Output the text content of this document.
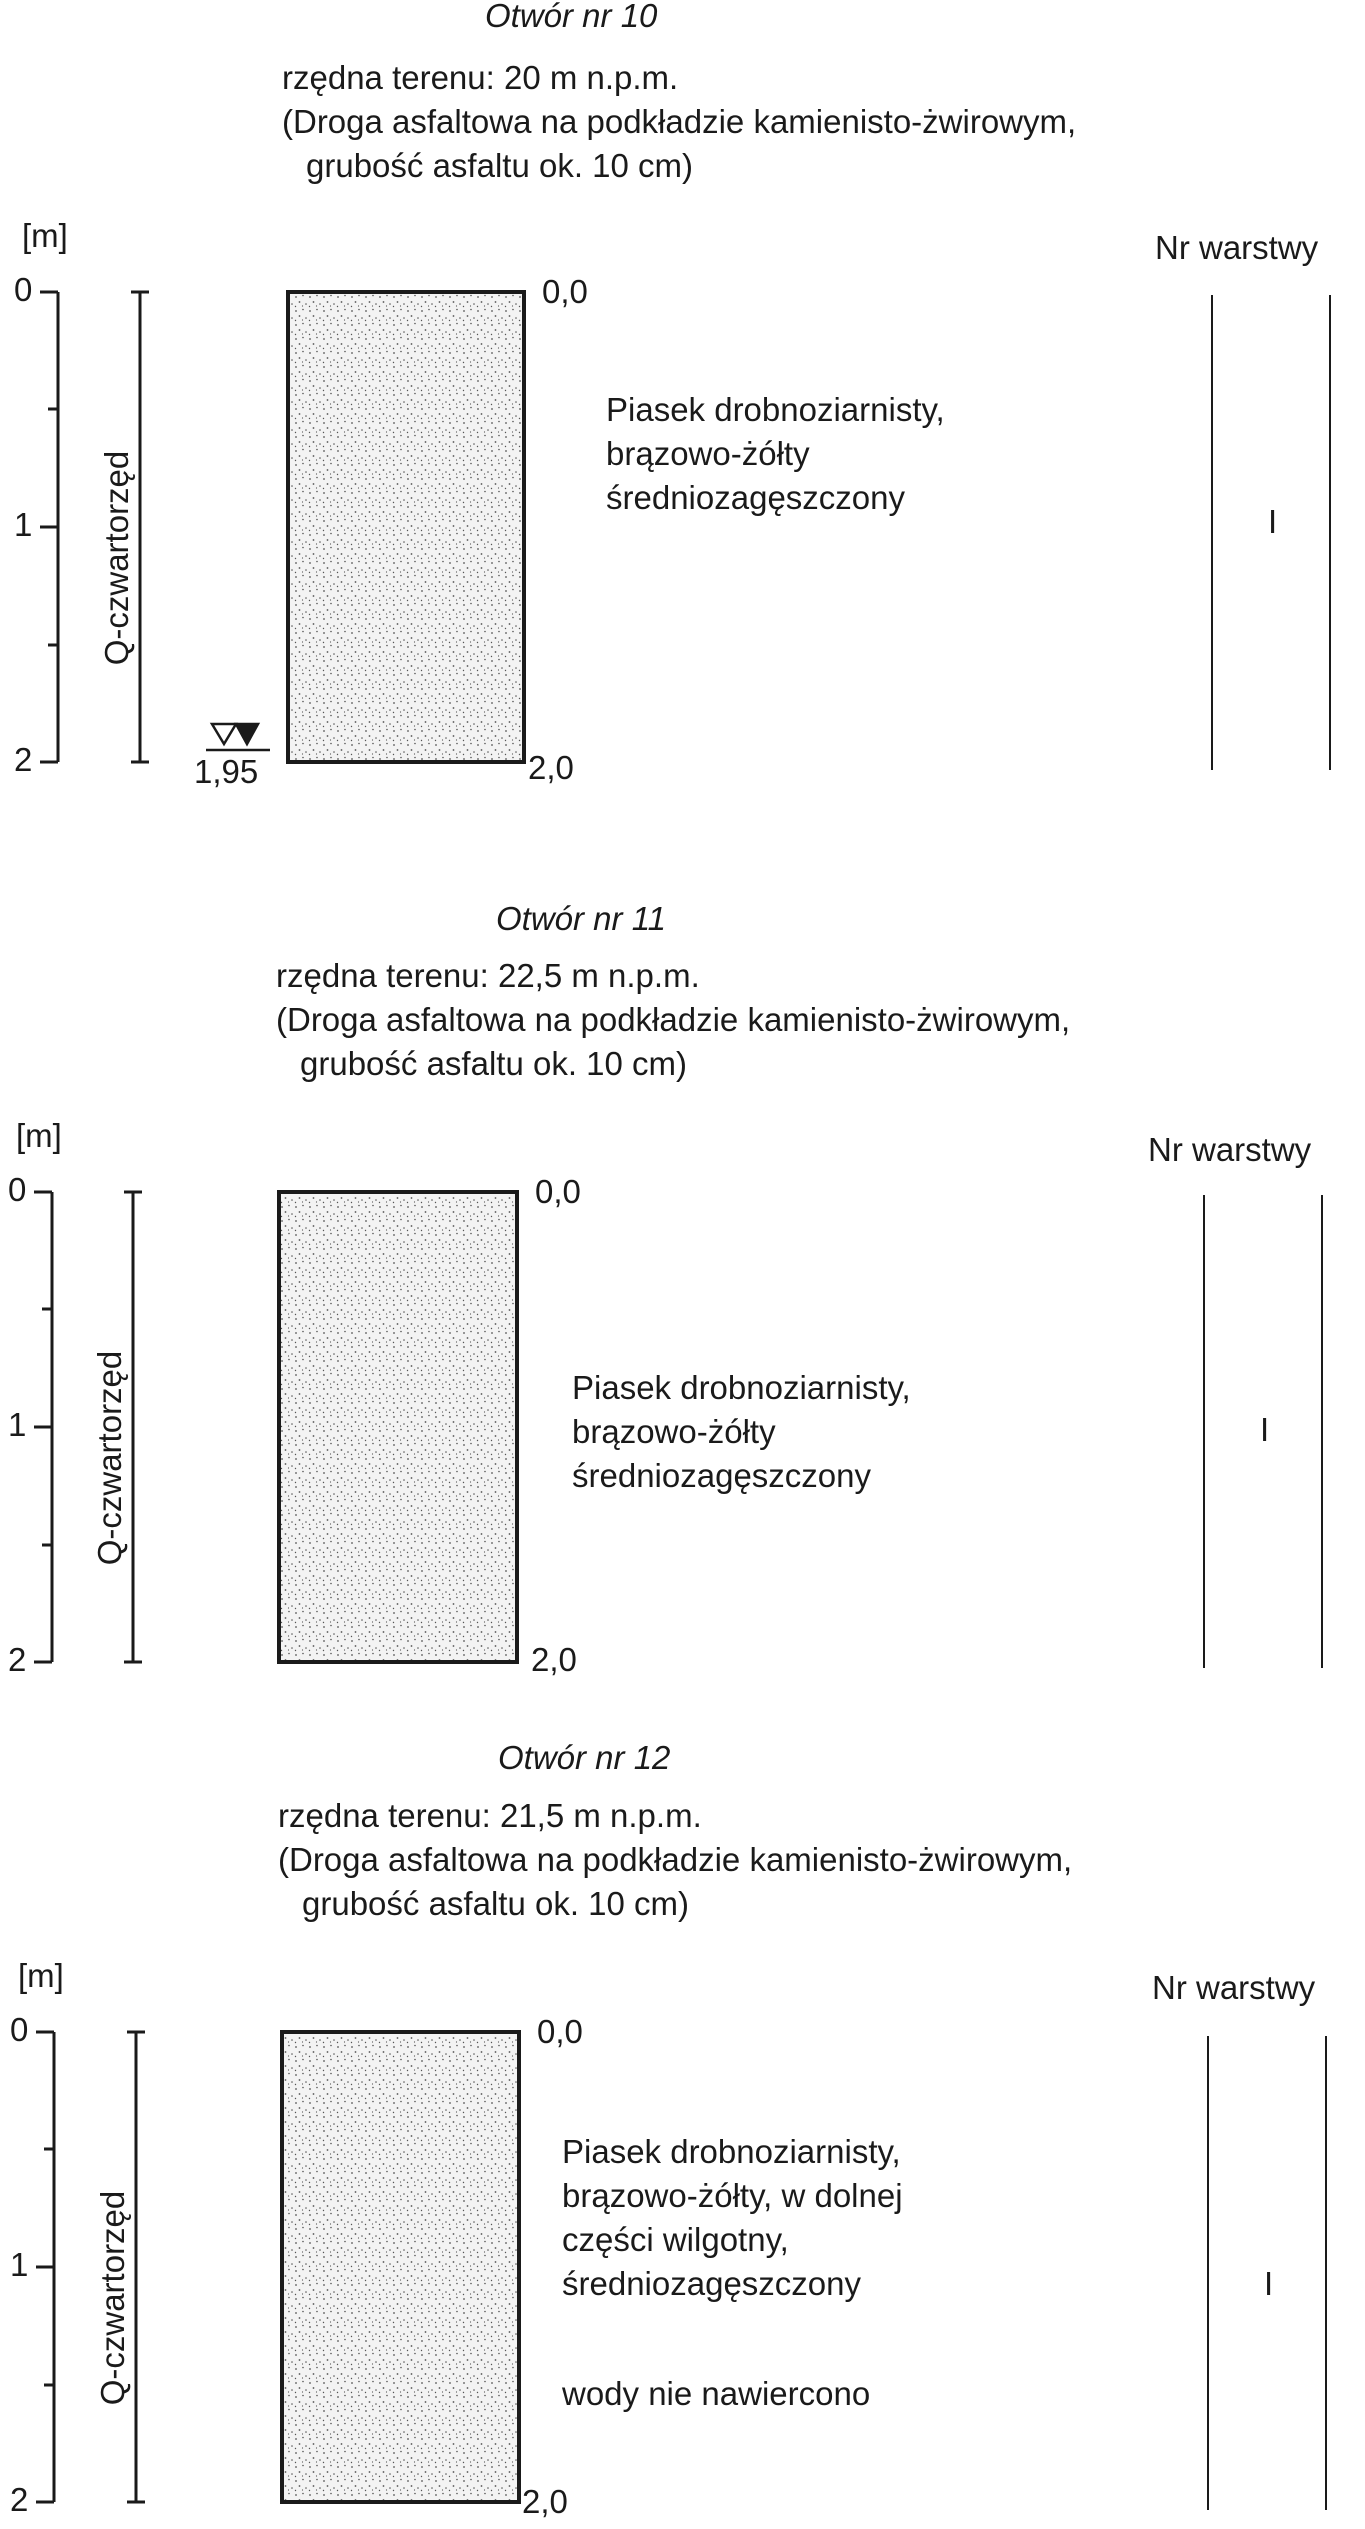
Otwór nr 10
rzędna terenu: 20 m n.p.m.
(Droga asfaltowa na podkładzie kamienisto-żwirowym,
grubość asfaltu ok. 10 cm)
[m]	Nr warstwy
0
1
2
Q-czwartorzęd
0,0
2,0
1,95
Piasek drobnoziarnisty,
brązowo-żółty
średniozagęszczony
I
Otwór nr 11
rzędna terenu: 22,5 m n.p.m.
(Droga asfaltowa na podkładzie kamienisto-żwirowym,
grubość asfaltu ok. 10 cm)
[m]	Nr warstwy
0
1
2
Q-czwartorzęd
0,0
2,0
Piasek drobnoziarnisty,
brązowo-żółty
średniozagęszczony
I
Otwór nr 12
rzędna terenu: 21,5 m n.p.m.
(Droga asfaltowa na podkładzie kamienisto-żwirowym,
grubość asfaltu ok. 10 cm)
[m]	Nr warstwy
0
1
2
Q-czwartorzęd
0,0
2,0
Piasek drobnoziarnisty,
brązowo-żółty, w dolnej
części wilgotny,
średniozagęszczony
wody nie nawiercono
I
